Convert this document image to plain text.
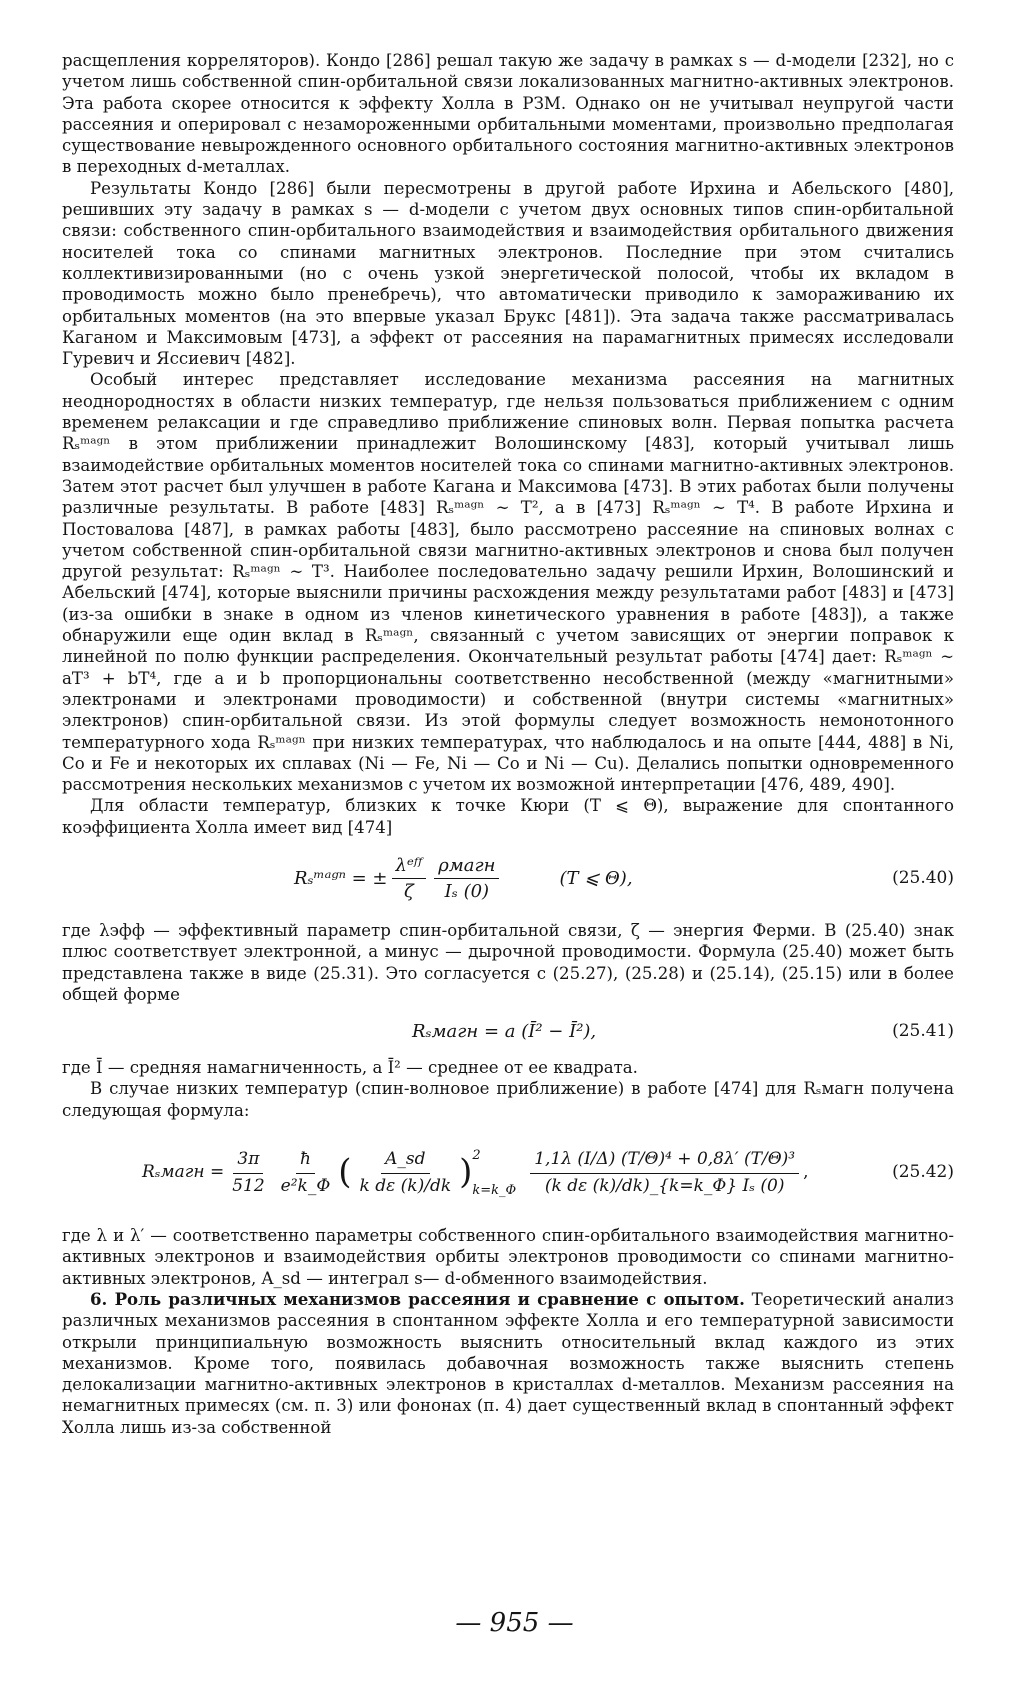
расщепления корреляторов). Кондо [286] решал такую же задачу в рамках s — d-модели [232], но с учетом лишь собственной спин-орбитальной связи локализованных магнитно-активных электронов. Эта работа скорее относится к эффекту Холла в РЗМ. Однако он не учитывал неупругой части рассеяния и оперировал с незамороженными орбитальными моментами, произвольно предполагая существование невырожденного основного орбитального состояния магнитно-активных электронов в переходных d-металлах.

Результаты Кондо [286] были пересмотрены в другой работе Ирхина и Абельского [480], решивших эту задачу в рамках s — d-модели с учетом двух основных типов спин-орбитальной связи: собственного спин-орбитального взаимодействия и взаимодействия орбитального движения носителей тока со спинами магнитных электронов. Последние при этом считались коллективизированными (но с очень узкой энергетической полосой, чтобы их вкладом в проводимость можно было пренебречь), что автоматически приводило к замораживанию их орбитальных моментов (на это впервые указал Брукс [481]). Эта задача также рассматривалась Каганом и Максимовым [473], а эффект от рассеяния на парамагнитных примесях исследовали Гуревич и Яссиевич [482].

Особый интерес представляет исследование механизма рассеяния на магнитных неоднородностях в области низких температур, где нельзя пользоваться приближением с одним временем релаксации и где справедливо приближение спиновых волн. Первая попытка расчета Rₛᵐᵃᵍⁿ в этом приближении принадлежит Волошинскому [483], который учитывал лишь взаимодействие орбитальных моментов носителей тока со спинами магнитно-активных электронов. Затем этот расчет был улучшен в работе Кагана и Максимова [473]. В этих работах были получены различные результаты. В работе [483] Rₛᵐᵃᵍⁿ ∼ T², а в [473] Rₛᵐᵃᵍⁿ ∼ T⁴. В работе Ирхина и Постовалова [487], в рамках работы [483], было рассмотрено рассеяние на спиновых волнах с учетом собственной спин-орбитальной связи магнитно-активных электронов и снова был получен другой результат: Rₛᵐᵃᵍⁿ ∼ T³. Наиболее последовательно задачу решили Ирхин, Волошинский и Абельский [474], которые выяснили причины расхождения между результатами работ [483] и [473] (из-за ошибки в знаке в одном из членов кинетического уравнения в работе [483]), а также обнаружили еще один вклад в Rₛᵐᵃᵍⁿ, связанный с учетом зависящих от энергии поправок к линейной по полю функции распределения. Окончательный результат работы [474] дает: Rₛᵐᵃᵍⁿ ∼ aT³ + bT⁴, где a и b пропорциональны соответственно несобственной (между «магнитными» электронами и электронами проводимости) и собственной (внутри системы «магнитных» электронов) спин-орбитальной связи. Из этой формулы следует возможность немонотонного температурного хода Rₛᵐᵃᵍⁿ при низких температурах, что наблюдалось и на опыте [444, 488] в Ni, Co и Fe и некоторых их сплавах (Ni — Fe, Ni — Co и Ni — Cu). Делались попытки одновременного рассмотрения нескольких механизмов с учетом их возможной интерпретации [476, 489, 490].

Для области температур, близких к точке Кюри (T ⩽ Θ), выражение для спонтанного коэффициента Холла имеет вид [474]

Rₛᵐᵃᵍⁿ = ± $\frac{\text{λᵉᶠᶠ}}{\zeta} \frac{\text{ρмагн}}{\text{Iₛ (0)}}$	(T ⩽ Θ),	(25.40)

где λэфф — эффективный параметр спин-орбитальной связи, ζ — энергия Ферми. В (25.40) знак плюс соответствует электронной, а минус — дырочной проводимости. Формула (25.40) может быть представлена также в виде (25.31). Это согласуется с (25.27), (25.28) и (25.14), (25.15) или в более общей форме

Rₛмагн = a (Ī² − Ī²),	(25.41)

где Ī — средняя намагниченность, а Ī² — среднее от ее квадрата.

В случае низких температур (спин-волновое приближение) в работе [474] для Rₛмагн получена следующая формула:

Rₛмагн = $\frac{3\pi}{512} \frac{ħ}{\text{e²k\_Φ}}$ ( $\frac{A\_sd}{\text{k dε (k)/dk}}$ ) 2
k=k_Φ $\frac{\text{1,1λ (I/Δ) (T/Θ)⁴ + 0,8λ′ (T/Θ)³}}{\text{(k dε (k)/dk)\_\{k=k\_Φ\} Iₛ (0)}}$ ,	(25.42)

где λ и λ′ — соответственно параметры собственного спин-орбитального взаимодействия магнитно-активных электронов и взаимодействия орбиты электронов проводимости со спинами магнитно-активных электронов, A_sd — интеграл s— d-обменного взаимодействия.

6. Роль различных механизмов рассеяния и сравнение с опытом. Теоретический анализ различных механизмов рассеяния в спонтанном эффекте Холла и его температурной зависимости открыли принципиальную возможность выяснить относительный вклад каждого из этих механизмов. Кроме того, появилась добавочная возможность также выяснить степень делокализации магнитно-активных электронов в кристаллах d-металлов. Механизм рассеяния на немагнитных примесях (см. п. 3) или фононах (п. 4) дает существенный вклад в спонтанный эффект Холла лишь из-за собственной

— 955 —
